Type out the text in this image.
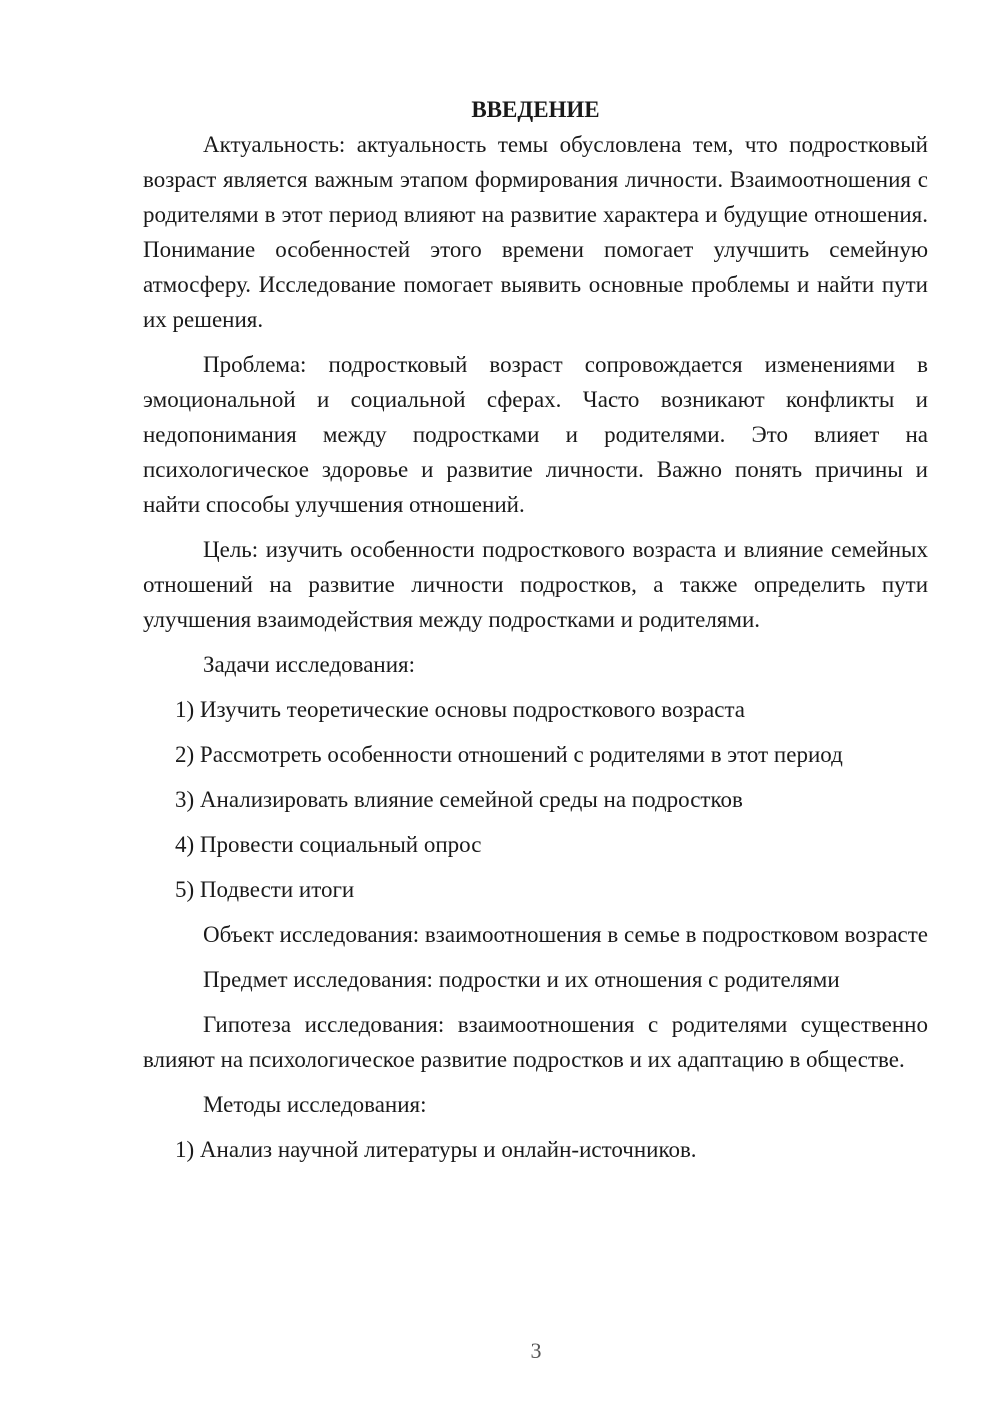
ВВЕДЕНИЕ

Актуальность: актуальность темы обусловлена тем, что подростковый возраст является важным этапом формирования личности. Взаимоотношения с родителями в этот период влияют на развитие характера и будущие отношения. Понимание особенностей этого времени помогает улучшить семейную атмосферу. Исследование помогает выявить основные проблемы и найти пути их решения.

Проблема: подростковый возраст сопровождается изменениями в эмоциональной и социальной сферах. Часто возникают конфликты и недопонимания между подростками и родителями. Это влияет на психологическое здоровье и развитие личности. Важно понять причины и найти способы улучшения отношений.

Цель: изучить особенности подросткового возраста и влияние семейных отношений на развитие личности подростков, а также определить пути улучшения взаимодействия между подростками и родителями.

Задачи исследования:

1) Изучить теоретические основы подросткового возраста

2) Рассмотреть особенности отношений с родителями в этот период

3) Анализировать влияние семейной среды на подростков

4) Провести социальный опрос

5) Подвести итоги

Объект исследования: взаимоотношения в семье в подростковом возрасте

Предмет исследования: подростки и их отношения с родителями

Гипотеза исследования: взаимоотношения с родителями существенно влияют на психологическое развитие подростков и их адаптацию в обществе.

Методы исследования:

1) Анализ научной литературы и онлайн-источников.

3
